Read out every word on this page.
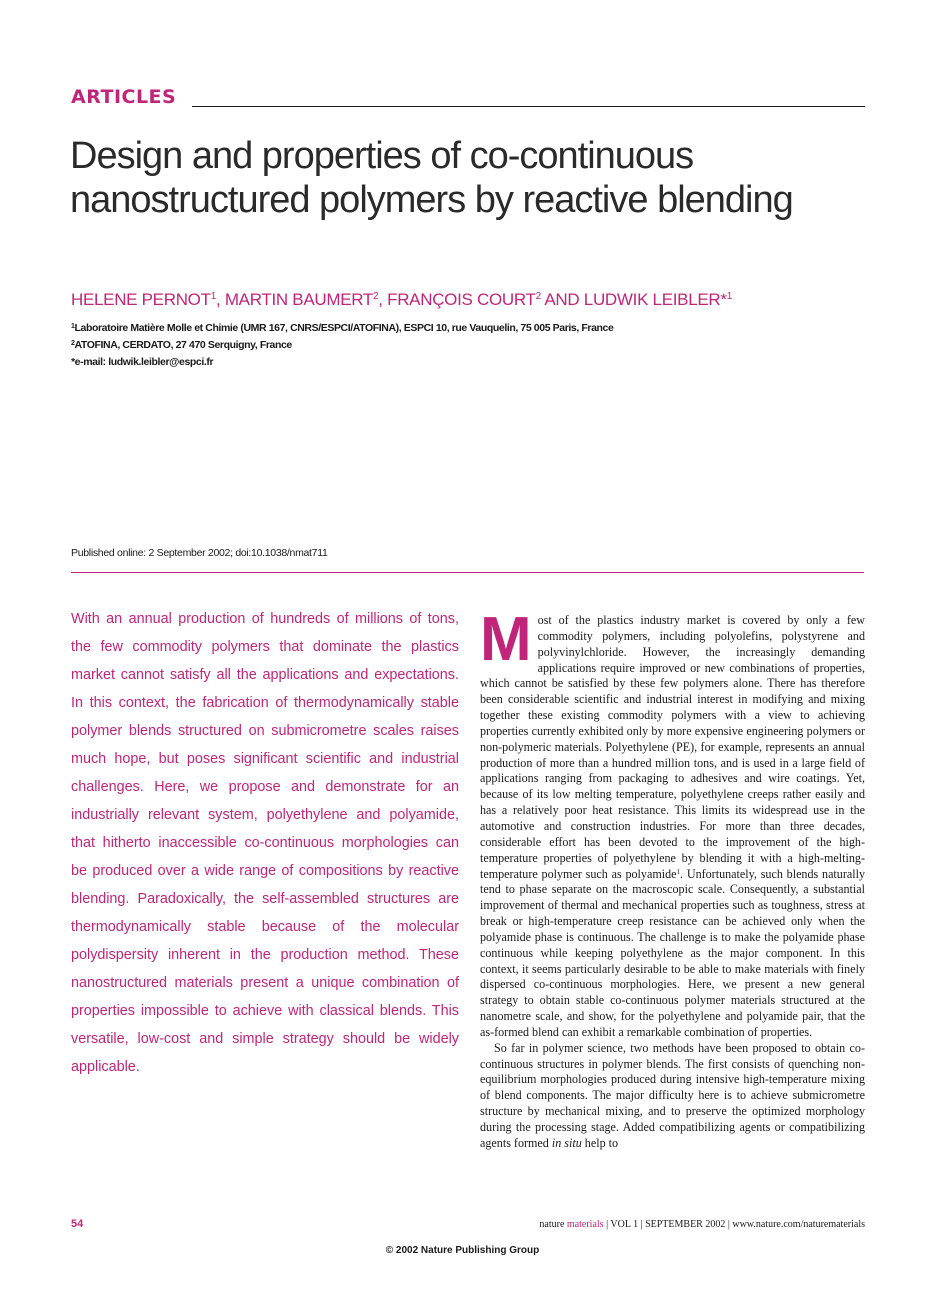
ARTICLES
Design and properties of co-continuous nanostructured polymers by reactive blending
HELENE PERNOT$^1$, MARTIN BAUMERT$^2$, FRANÇOIS COURT$^2$ AND LUDWIK LEIBLER*$^1$
$^1$Laboratoire Matière Molle et Chimie (UMR 167, CNRS/ESPCI/ATOFINA), ESPCI 10, rue Vauquelin, 75 005 Paris, France
$^2$ATOFINA, CERDATO, 27 470 Serquigny, France
*e-mail: ludwik.leibler@espci.fr
Published online: 2 September 2002; doi:10.1038/nmat711

With an annual production of hundreds of millions of tons, the few commodity polymers that dominate the plastics market cannot satisfy all the applications and expectations. In this context, the fabrication of thermodynamically stable polymer blends structured on submicrometre scales raises much hope, but poses significant scientific and industrial challenges. Here, we propose and demonstrate for an industrially relevant system, polyethylene and polyamide, that hitherto inaccessible co-continuous morphologies can be produced over a wide range of compositions by reactive blending. Paradoxically, the self-assembled structures are thermodynamically stable because of the molecular polydispersity inherent in the production method. These nanostructured materials present a unique combination of properties impossible to achieve with classical blends. This versatile, low-cost and simple strategy should be widely applicable.

Most of the plastics industry market is covered by only a few commodity polymers, including polyolefins, polystyrene and polyvinylchloride. However, the increasingly demanding applications require improved or new combinations of properties, which cannot be satisfied by these few polymers alone. There has therefore been considerable scientific and industrial interest in modifying and mixing together these existing commodity polymers with a view to achieving properties currently exhibited only by more expensive engineering polymers or non-polymeric materials. Polyethylene (PE), for example, represents an annual production of more than a hundred million tons, and is used in a large field of applications ranging from packaging to adhesives and wire coatings. Yet, because of its low melting temperature, polyethylene creeps rather easily and has a relatively poor heat resistance. This limits its widespread use in the automotive and construction industries. For more than three decades, considerable effort has been devoted to the improvement of the high-temperature properties of polyethylene by blending it with a high-melting-temperature polymer such as polyamide$^1$. Unfortunately, such blends naturally tend to phase separate on the macroscopic scale. Consequently, a substantial improvement of thermal and mechanical properties such as toughness, stress at break or high-temperature creep resistance can be achieved only when the polyamide phase is continuous. The challenge is to make the polyamide phase continuous while keeping polyethylene as the major component. In this context, it seems particularly desirable to be able to make materials with finely dispersed co-continuous morphologies. Here, we present a new general strategy to obtain stable co-continuous polymer materials structured at the nanometre scale, and show, for the polyethylene and polyamide pair, that the as-formed blend can exhibit a remarkable combination of properties.

So far in polymer science, two methods have been proposed to obtain co-continuous structures in polymer blends. The first consists of quenching non-equilibrium morphologies produced during intensive high-temperature mixing of blend components. The major difficulty here is to achieve submicrometre structure by mechanical mixing, and to preserve the optimized morphology during the processing stage. Added compatibilizing agents or compatibilizing agents formed in situ help to

54	nature materials | VOL 1 | SEPTEMBER 2002 | www.nature.com/naturematerials
© 2002 Nature Publishing Group
